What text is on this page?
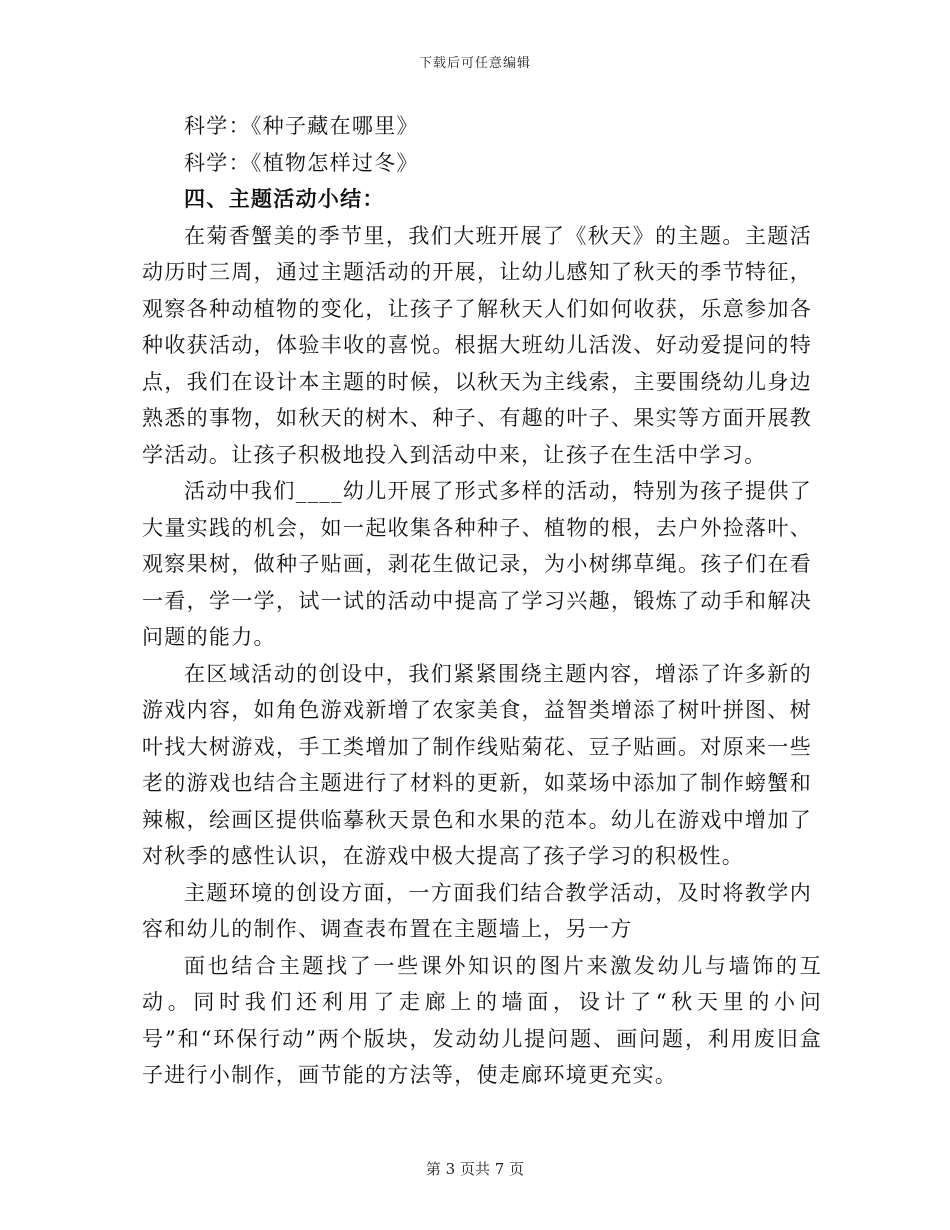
下载后可任意编辑

科学：《种子藏在哪里》

科学：《植物怎样过冬》

四、主题活动小结：

在菊香蟹美的季节里，我们大班开展了《秋天》的主题。主题活动历时三周，通过主题活动的开展，让幼儿感知了秋天的季节特征，观察各种动植物的变化，让孩子了解秋天人们如何收获，乐意参加各种收获活动，体验丰收的喜悦。根据大班幼儿活泼、好动爱提问的特点，我们在设计本主题的时候，以秋天为主线索，主要围绕幼儿身边熟悉的事物，如秋天的树木、种子、有趣的叶子、果实等方面开展教学活动。让孩子积极地投入到活动中来，让孩子在生活中学习。

活动中我们____幼儿开展了形式多样的活动，特别为孩子提供了大量实践的机会，如一起收集各种种子、植物的根，去户外捡落叶、观察果树，做种子贴画，剥花生做记录，为小树绑草绳。孩子们在看一看，学一学，试一试的活动中提高了学习兴趣，锻炼了动手和解决问题的能力。

在区域活动的创设中，我们紧紧围绕主题内容，增添了许多新的游戏内容，如角色游戏新增了农家美食，益智类增添了树叶拼图、树叶找大树游戏，手工类增加了制作线贴菊花、豆子贴画。对原来一些老的游戏也结合主题进行了材料的更新，如菜场中添加了制作螃蟹和辣椒，绘画区提供临摹秋天景色和水果的范本。幼儿在游戏中增加了对秋季的感性认识，在游戏中极大提高了孩子学习的积极性。

主题环境的创设方面，一方面我们结合教学活动，及时将教学内容和幼儿的制作、调查表布置在主题墙上，另一方

面也结合主题找了一些课外知识的图片来激发幼儿与墙饰的互动。同时我们还利用了走廊上的墙面，设计了“秋天里的小问号”和“环保行动”两个版块，发动幼儿提问题、画问题，利用废旧盒子进行小制作，画节能的方法等，使走廊环境更充实。

第 3 页共 7 页
